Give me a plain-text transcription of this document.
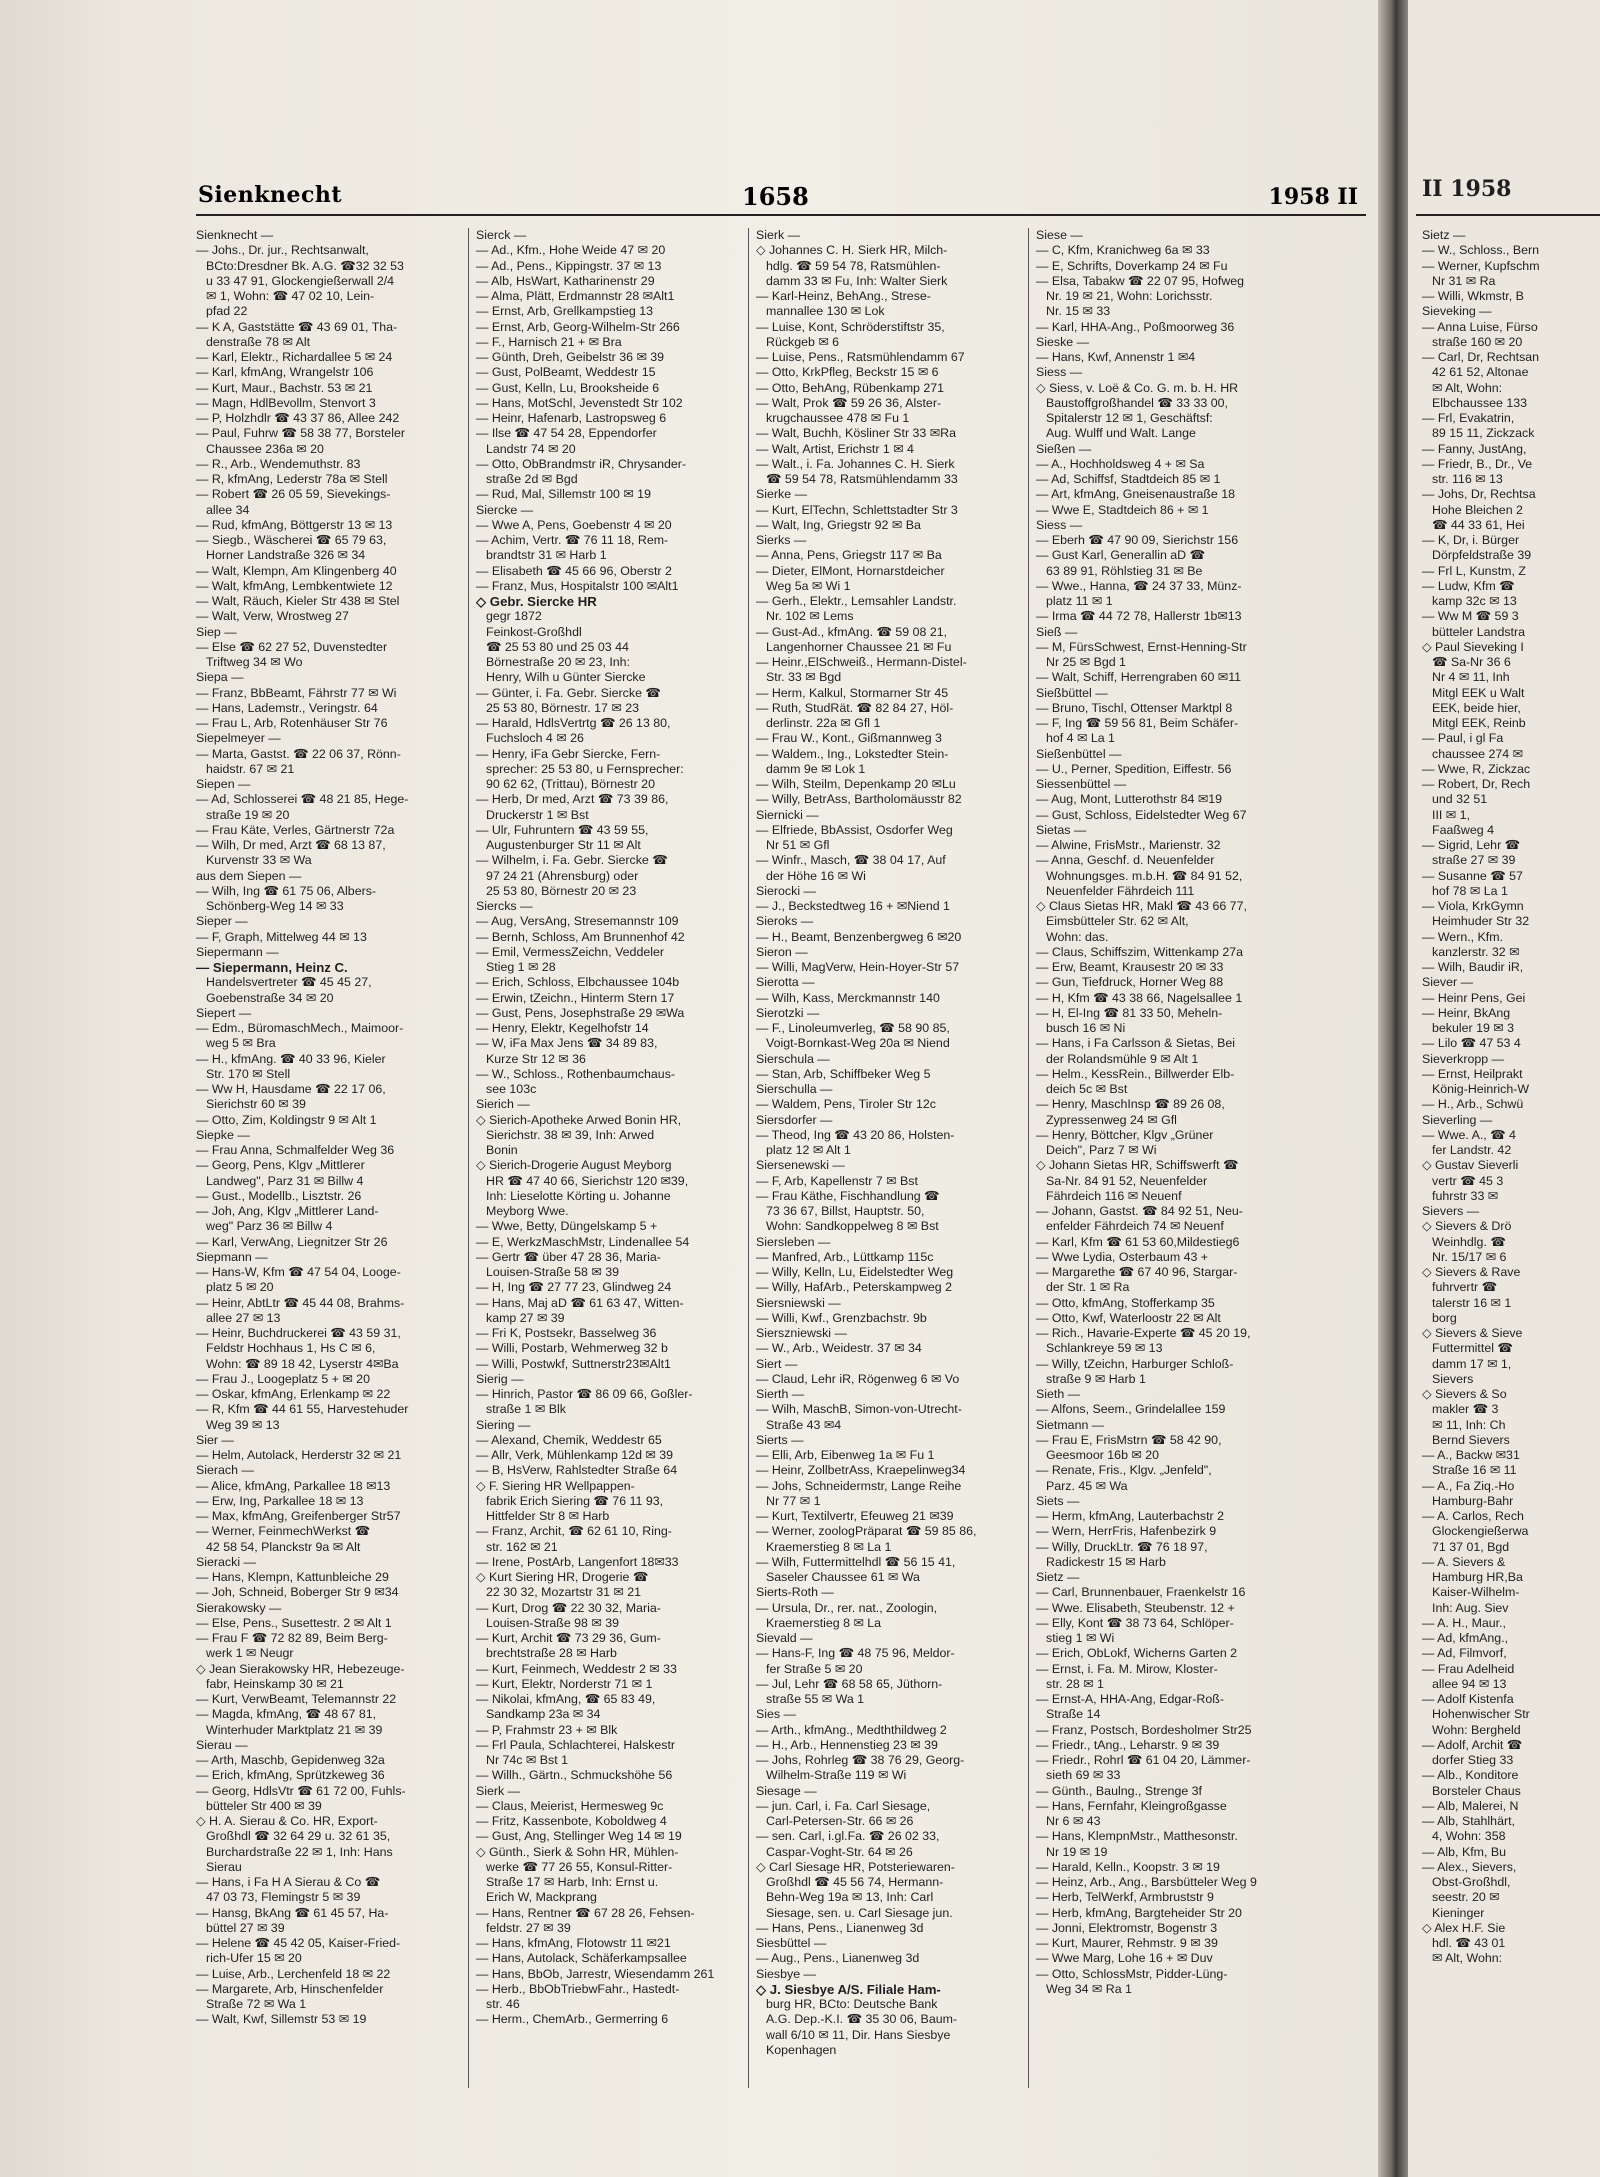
Sienknecht	1658	1958 II
Sienknecht —
— Johs., Dr. jur., Rechtsanwalt,
BCto:Dresdner Bk. A.G. ☎32 32 53
u 33 47 91, Glockengießerwall 2/4
✉ 1, Wohn: ☎ 47 02 10, Lein-
pfad 22
— K A, Gaststätte ☎ 43 69 01, Tha-
denstraße 78 ✉ Alt
— Karl, Elektr., Richardallee 5 ✉ 24
— Karl, kfmAng, Wrangelstr 106
— Kurt, Maur., Bachstr. 53 ✉ 21
— Magn, HdlBevollm, Stenvort 3
— P, Holzhdlr ☎ 43 37 86, Allee 242
— Paul, Fuhrw ☎ 58 38 77, Borsteler
Chaussee 236a ✉ 20
— R., Arb., Wendemuthstr. 83
— R, kfmAng, Lederstr 78a ✉ Stell
— Robert ☎ 26 05 59, Sievekings-
allee 34
— Rud, kfmAng, Böttgerstr 13 ✉ 13
— Siegb., Wäscherei ☎ 65 79 63,
Horner Landstraße 326 ✉ 34
— Walt, Klempn, Am Klingenberg 40
— Walt, kfmAng, Lembkentwiete 12
— Walt, Räuch, Kieler Str 438 ✉ Stel
— Walt, Verw, Wrostweg 27
Siep —
— Else ☎ 62 27 52, Duvenstedter
Triftweg 34 ✉ Wo
Siepa —
— Franz, BbBeamt, Fährstr 77 ✉ Wi
— Hans, Lademstr., Veringstr. 64
— Frau L, Arb, Rotenhäuser Str 76
Siepelmeyer —
— Marta, Gastst. ☎ 22 06 37, Rönn-
haidstr. 67 ✉ 21
Siepen —
— Ad, Schlosserei ☎ 48 21 85, Hege-
straße 19 ✉ 20
— Frau Käte, Verles, Gärtnerstr 72a
— Wilh, Dr med, Arzt ☎ 68 13 87,
Kurvenstr 33 ✉ Wa
aus dem Siepen —
— Wilh, Ing ☎ 61 75 06, Albers-
Schönberg-Weg 14 ✉ 33
Sieper —
— F, Graph, Mittelweg 44 ✉ 13
Siepermann —
— Siepermann, Heinz C.
Handelsvertreter ☎ 45 45 27,
Goebenstraße 34 ✉ 20
Siepert —
— Edm., BüromaschMech., Maimoor-
weg 5 ✉ Bra
— H., kfmAng. ☎ 40 33 96, Kieler
Str. 170 ✉ Stell
— Ww H, Hausdame ☎ 22 17 06,
Sierichstr 60 ✉ 39
— Otto, Zim, Koldingstr 9 ✉ Alt 1
Siepke —
— Frau Anna, Schmalfelder Weg 36
— Georg, Pens, Klgv „Mittlerer
Landweg", Parz 31 ✉ Billw 4
— Gust., Modellb., Lisztstr. 26
— Joh, Ang, Klgv „Mittlerer Land-
weg" Parz 36 ✉ Billw 4
— Karl, VerwAng, Liegnitzer Str 26
Siepmann —
— Hans-W, Kfm ☎ 47 54 04, Looge-
platz 5 ✉ 20
— Heinr, AbtLtr ☎ 45 44 08, Brahms-
allee 27 ✉ 13
— Heinr, Buchdruckerei ☎ 43 59 31,
Feldstr Hochhaus 1, Hs C ✉ 6,
Wohn: ☎ 89 18 42, Lyserstr 4✉Ba
— Frau J., Loogeplatz 5 + ✉ 20
— Oskar, kfmAng, Erlenkamp ✉ 22
— R, Kfm ☎ 44 61 55, Harvestehuder
Weg 39 ✉ 13
Sier —
— Helm, Autolack, Herderstr 32 ✉ 21
Sierach —
— Alice, kfmAng, Parkallee 18 ✉13
— Erw, Ing, Parkallee 18 ✉ 13
— Max, kfmAng, Greifenberger Str57
— Werner, FeinmechWerkst ☎
42 58 54, Planckstr 9a ✉ Alt
Sieracki —
— Hans, Klempn, Kattunbleiche 29
— Joh, Schneid, Boberger Str 9 ✉34
Sierakowsky —
— Else, Pens., Susettestr. 2 ✉ Alt 1
— Frau F ☎ 72 82 89, Beim Berg-
werk 1 ✉ Neugr
◇ Jean Sierakowsky HR, Hebezeuge-
fabr, Heinskamp 30 ✉ 21
— Kurt, VerwBeamt, Telemannstr 22
— Magda, kfmAng, ☎ 48 67 81,
Winterhuder Marktplatz 21 ✉ 39
Sierau —
— Arth, Maschb, Gepidenweg 32a
— Erich, kfmAng, Sprützkeweg 36
— Georg, HdlsVtr ☎ 61 72 00, Fuhls-
bütteler Str 400 ✉ 39
◇ H. A. Sierau & Co. HR, Export-
Großhdl ☎ 32 64 29 u. 32 61 35,
Burchardstraße 22 ✉ 1, Inh: Hans
Sierau
— Hans, i Fa H A Sierau & Co ☎
47 03 73, Flemingstr 5 ✉ 39
— Hansg, BkAng ☎ 61 45 57, Ha-
büttel 27 ✉ 39
— Helene ☎ 45 42 05, Kaiser-Fried-
rich-Ufer 15 ✉ 20
— Luise, Arb., Lerchenfeld 18 ✉ 22
— Margarete, Arb, Hinschenfelder
Straße 72 ✉ Wa 1
— Walt, Kwf, Sillemstr 53 ✉ 19
Sierck —
— Ad., Kfm., Hohe Weide 47 ✉ 20
— Ad., Pens., Kippingstr. 37 ✉ 13
— Alb, HsWart, Katharinenstr 29
— Alma, Plätt, Erdmannstr 28 ✉Alt1
— Ernst, Arb, Grellkampstieg 13
— Ernst, Arb, Georg-Wilhelm-Str 266
— F., Harnisch 21 + ✉ Bra
— Günth, Dreh, Geibelstr 36 ✉ 39
— Gust, PolBeamt, Weddestr 15
— Gust, Kelln, Lu, Brooksheide 6
— Hans, MotSchl, Jevenstedt Str 102
— Heinr, Hafenarb, Lastropsweg 6
— Ilse ☎ 47 54 28, Eppendorfer
Landstr 74 ✉ 20
— Otto, ObBrandmstr iR, Chrysander-
straße 2d ✉ Bgd
— Rud, Mal, Sillemstr 100 ✉ 19
Siercke —
— Wwe A, Pens, Goebenstr 4 ✉ 20
— Achim, Vertr. ☎ 76 11 18, Rem-
brandtstr 31 ✉ Harb 1
— Elisabeth ☎ 45 66 96, Oberstr 2
— Franz, Mus, Hospitalstr 100 ✉Alt1
◇ Gebr. Siercke HR
gegr 1872
Feinkost-Großhdl
☎ 25 53 80 und 25 03 44
Börnestraße 20 ✉ 23, Inh:
Henry, Wilh u Günter Siercke
— Günter, i. Fa. Gebr. Siercke ☎
25 53 80, Börnestr. 17 ✉ 23
— Harald, HdlsVertrtg ☎ 26 13 80,
Fuchsloch 4 ✉ 26
— Henry, iFa Gebr Siercke, Fern-
sprecher: 25 53 80, u Fernsprecher:
90 62 62, (Trittau), Börnestr 20
— Herb, Dr med, Arzt ☎ 73 39 86,
Druckerstr 1 ✉ Bst
— Ulr, Fuhruntern ☎ 43 59 55,
Augustenburger Str 11 ✉ Alt
— Wilhelm, i. Fa. Gebr. Siercke ☎
97 24 21 (Ahrensburg) oder
25 53 80, Börnestr 20 ✉ 23
Siercks —
— Aug, VersAng, Stresemannstr 109
— Bernh, Schloss, Am Brunnenhof 42
— Emil, VermessZeichn, Veddeler
Stieg 1 ✉ 28
— Erich, Schloss, Elbchaussee 104b
— Erwin, tZeichn., Hinterm Stern 17
— Gust, Pens, Josephstraße 29 ✉Wa
— Henry, Elektr, Kegelhofstr 14
— W, iFa Max Jens ☎ 34 89 83,
Kurze Str 12 ✉ 36
— W., Schloss., Rothenbaumchaus-
see 103c
Sierich —
◇ Sierich-Apotheke Arwed Bonin HR,
Sierichstr. 38 ✉ 39, Inh: Arwed
Bonin
◇ Sierich-Drogerie August Meyborg
HR ☎ 47 40 66, Sierichstr 120 ✉39,
Inh: Lieselotte Körting u. Johanne
Meyborg Wwe.
— Wwe, Betty, Düngelskamp 5 +
— E, WerkzMaschMstr, Lindenallee 54
— Gertr ☎ über 47 28 36, Maria-
Louisen-Straße 58 ✉ 39
— H, Ing ☎ 27 77 23, Glindweg 24
— Hans, Maj aD ☎ 61 63 47, Witten-
kamp 27 ✉ 39
— Fri K, Postsekr, Basselweg 36
— Willi, Postarb, Wehmerweg 32 b
— Willi, Postwkf, Suttnerstr23✉Alt1
Sierig —
— Hinrich, Pastor ☎ 86 09 66, Goßler-
straße 1 ✉ Blk
Siering —
— Alexand, Chemik, Weddestr 65
— Allr, Verk, Mühlenkamp 12d ✉ 39
— B, HsVerw, Rahlstedter Straße 64
◇ F. Siering HR Wellpappen-
fabrik Erich Siering ☎ 76 11 93,
Hittfelder Str 8 ✉ Harb
— Franz, Archit, ☎ 62 61 10, Ring-
str. 162 ✉ 21
— Irene, PostArb, Langenfort 18✉33
◇ Kurt Siering HR, Drogerie ☎
22 30 32, Mozartstr 31 ✉ 21
— Kurt, Drog ☎ 22 30 32, Maria-
Louisen-Straße 98 ✉ 39
— Kurt, Archit ☎ 73 29 36, Gum-
brechtstraße 28 ✉ Harb
— Kurt, Feinmech, Weddestr 2 ✉ 33
— Kurt, Elektr, Norderstr 71 ✉ 1
— Nikolai, kfmAng, ☎ 65 83 49,
Sandkamp 23a ✉ 34
— P, Frahmstr 23 + ✉ Blk
— Frl Paula, Schlachterei, Halskestr
Nr 74c ✉ Bst 1
— Willh., Gärtn., Schmuckshöhe 56
Sierk —
— Claus, Meierist, Hermesweg 9c
— Fritz, Kassenbote, Koboldweg 4
— Gust, Ang, Stellinger Weg 14 ✉ 19
◇ Günth., Sierk & Sohn HR, Mühlen-
werke ☎ 77 26 55, Konsul-Ritter-
Straße 17 ✉ Harb, Inh: Ernst u.
Erich W, Mackprang
— Hans, Rentner ☎ 67 28 26, Fehsen-
feldstr. 27 ✉ 39
— Hans, kfmAng, Flotowstr 11 ✉21
— Hans, Autolack, Schäferkampsallee
— Hans, BbOb, Jarrestr, Wiesendamm 261
— Herb., BbObTriebwFahr., Hastedt-
str. 46
— Herm., ChemArb., Germerring 6
Sierk —
◇ Johannes C. H. Sierk HR, Milch-
hdlg. ☎ 59 54 78, Ratsmühlen-
damm 33 ✉ Fu, Inh: Walter Sierk
— Karl-Heinz, BehAng., Strese-
mannallee 130 ✉ Lok
— Luise, Kont, Schröderstiftstr 35,
Rückgeb ✉ 6
— Luise, Pens., Ratsmühlendamm 67
— Otto, KrkPfleg, Beckstr 15 ✉ 6
— Otto, BehAng, Rübenkamp 271
— Walt, Prok ☎ 59 26 36, Alster-
krugchaussee 478 ✉ Fu 1
— Walt, Buchh, Kösliner Str 33 ✉Ra
— Walt, Artist, Erichstr 1 ✉ 4
— Walt., i. Fa. Johannes C. H. Sierk
☎ 59 54 78, Ratsmühlendamm 33
Sierke —
— Kurt, ElTechn, Schlettstadter Str 3
— Walt, Ing, Griegstr 92 ✉ Ba
Sierks —
— Anna, Pens, Griegstr 117 ✉ Ba
— Dieter, ElMont, Hornarstdeicher
Weg 5a ✉ Wi 1
— Gerh., Elektr., Lemsahler Landstr.
Nr. 102 ✉ Lems
— Gust-Ad., kfmAng. ☎ 59 08 21,
Langenhorner Chaussee 21 ✉ Fu
— Heinr.,ElSchweiß., Hermann-Distel-
Str. 33 ✉ Bgd
— Herm, Kalkul, Stormarner Str 45
— Ruth, StudRät. ☎ 82 84 27, Höl-
derlinstr. 22a ✉ Gfl 1
— Frau W., Kont., Gißmannweg 3
— Waldem., Ing., Lokstedter Stein-
damm 9e ✉ Lok 1
— Wilh, Steilm, Depenkamp 20 ✉Lu
— Willy, BetrAss, Bartholomäusstr 82
Siernicki —
— Elfriede, BbAssist, Osdorfer Weg
Nr 51 ✉ Gfl
— Winfr., Masch, ☎ 38 04 17, Auf
der Höhe 16 ✉ Wi
Sierocki —
— J., Beckstedtweg 16 + ✉Niend 1
Sieroks —
— H., Beamt, Benzenbergweg 6 ✉20
Sieron —
— Willi, MagVerw, Hein-Hoyer-Str 57
Sierotta —
— Wilh, Kass, Merckmannstr 140
Sierotzki —
— F., Linoleumverleg, ☎ 58 90 85,
Voigt-Bornkast-Weg 20a ✉ Niend
Sierschula —
— Stan, Arb, Schiffbeker Weg 5
Sierschulla —
— Waldem, Pens, Tiroler Str 12c
Siersdorfer —
— Theod, Ing ☎ 43 20 86, Holsten-
platz 12 ✉ Alt 1
Siersenewski —
— F, Arb, Kapellenstr 7 ✉ Bst
— Frau Käthe, Fischhandlung ☎
73 36 67, Billst, Hauptstr. 50,
Wohn: Sandkoppelweg 8 ✉ Bst
Siersleben —
— Manfred, Arb., Lüttkamp 115c
— Willy, Kelln, Lu, Eidelstedter Weg
— Willy, HafArb., Peterskampweg 2
Siersniewski —
— Willi, Kwf., Grenzbachstr. 9b
Sierszniewski —
— W., Arb., Weidestr. 37 ✉ 34
Siert —
— Claud, Lehr iR, Rögenweg 6 ✉ Vo
Sierth —
— Wilh, MaschB, Simon-von-Utrecht-
Straße 43 ✉4
Sierts —
— Elli, Arb, Eibenweg 1a ✉ Fu 1
— Heinr, ZollbetrAss, Kraepelinweg34
— Johs, Schneidermstr, Lange Reihe
Nr 77 ✉ 1
— Kurt, Textilvertr, Efeuweg 21 ✉39
— Werner, zoologPräparat ☎ 59 85 86,
Kraemerstieg 8 ✉ La 1
— Wilh, Futtermittelhdl ☎ 56 15 41,
Saseler Chaussee 61 ✉ Wa
Sierts-Roth —
— Ursula, Dr., rer. nat., Zoologin,
Kraemerstieg 8 ✉ La
Sievald —
— Hans-F, Ing ☎ 48 75 96, Meldor-
fer Straße 5 ✉ 20
— Jul, Lehr ☎ 68 58 65, Jüthorn-
straße 55 ✉ Wa 1
Sies —
— Arth., kfmAng., Medththildweg 2
— H., Arb., Hennenstieg 23 ✉ 39
— Johs, Rohrleg ☎ 38 76 29, Georg-
Wilhelm-Straße 119 ✉ Wi
Siesage —
— jun. Carl, i. Fa. Carl Siesage,
Carl-Petersen-Str. 66 ✉ 26
— sen. Carl, i.gl.Fa. ☎ 26 02 33,
Caspar-Voght-Str. 64 ✉ 26
◇ Carl Siesage HR, Potsteriewaren-
Großhdl ☎ 45 56 74, Hermann-
Behn-Weg 19a ✉ 13, Inh: Carl
Siesage, sen. u. Carl Siesage jun.
— Hans, Pens., Lianenweg 3d
Siesbüttel —
— Aug., Pens., Lianenweg 3d
Siesbye —
◇ J. Siesbye A/S. Filiale Ham-
burg HR, BCto: Deutsche Bank
A.G. Dep.-K.I. ☎ 35 30 06, Baum-
wall 6/10 ✉ 11, Dir. Hans Siesbye
Kopenhagen
Siese —
— C, Kfm, Kranichweg 6a ✉ 33
— E, Schrifts, Doverkamp 24 ✉ Fu
— Elsa, Tabakw ☎ 22 07 95, Hofweg
Nr. 19 ✉ 21, Wohn: Lorichsstr.
Nr. 15 ✉ 33
— Karl, HHA-Ang., Poßmoorweg 36
Sieske —
— Hans, Kwf, Annenstr 1 ✉4
Siess —
◇ Siess, v. Loë & Co. G. m. b. H. HR
Baustoffgroßhandel ☎ 33 33 00,
Spitalerstr 12 ✉ 1, Geschäftsf:
Aug. Wulff und Walt. Lange
Sießen —
— A., Hochholdsweg 4 + ✉ Sa
— Ad, Schiffsf, Stadtdeich 85 ✉ 1
— Art, kfmAng, Gneisenaustraße 18
— Wwe E, Stadtdeich 86 + ✉ 1
Siess —
— Eberh ☎ 47 90 09, Sierichstr 156
— Gust Karl, Generallin aD ☎
63 89 91, Röhlstieg 31 ✉ Be
— Wwe., Hanna, ☎ 24 37 33, Münz-
platz 11 ✉ 1
— Irma ☎ 44 72 78, Hallerstr 1b✉13
Sieß —
— M, FürsSchwest, Ernst-Henning-Str
Nr 25 ✉ Bgd 1
— Walt, Schiff, Herrengraben 60 ✉11
Sießbüttel —
— Bruno, Tischl, Ottenser Marktpl 8
— F, Ing ☎ 59 56 81, Beim Schäfer-
hof 4 ✉ La 1
Sießenbüttel —
— U., Perner, Spedition, Eiffestr. 56
Siessenbüttel —
— Aug, Mont, Lutterothstr 84 ✉19
— Gust, Schloss, Eidelstedter Weg 67
Sietas —
— Alwine, FrisMstr., Marienstr. 32
— Anna, Geschf. d. Neuenfelder
Wohnungsges. m.b.H. ☎ 84 91 52,
Neuenfelder Fährdeich 111
◇ Claus Sietas HR, Makl ☎ 43 66 77,
Eimsbütteler Str. 62 ✉ Alt,
Wohn: das.
— Claus, Schiffszim, Wittenkamp 27a
— Erw, Beamt, Krausestr 20 ✉ 33
— Gun, Tiefdruck, Horner Weg 88
— H, Kfm ☎ 43 38 66, Nagelsallee 1
— H, El-Ing ☎ 81 33 50, Meheln-
busch 16 ✉ Ni
— Hans, i Fa Carlsson & Sietas, Bei
der Rolandsmühle 9 ✉ Alt 1
— Helm., KessRein., Billwerder Elb-
deich 5c ✉ Bst
— Henry, MaschInsp ☎ 89 26 08,
Zypressenweg 24 ✉ Gfl
— Henry, Böttcher, Klgv „Grüner
Deich", Parz 7 ✉ Wi
◇ Johann Sietas HR, Schiffswerft ☎
Sa-Nr. 84 91 52, Neuenfelder
Fährdeich 116 ✉ Neuenf
— Johann, Gastst. ☎ 84 92 51, Neu-
enfelder Fährdeich 74 ✉ Neuenf
— Karl, Kfm ☎ 61 53 60,Mildestieg6
— Wwe Lydia, Osterbaum 43 +
— Margarethe ☎ 67 40 96, Stargar-
der Str. 1 ✉ Ra
— Otto, kfmAng, Stofferkamp 35
— Otto, Kwf, Waterloostr 22 ✉ Alt
— Rich., Havarie-Experte ☎ 45 20 19,
Schlankreye 59 ✉ 13
— Willy, tZeichn, Harburger Schloß-
straße 9 ✉ Harb 1
Sieth —
— Alfons, Seem., Grindelallee 159
Sietmann —
— Frau E, FrisMstrn ☎ 58 42 90,
Geesmoor 16b ✉ 20
— Renate, Fris., Klgv. „Jenfeld",
Parz. 45 ✉ Wa
Siets —
— Herm, kfmAng, Lauterbachstr 2
— Wern, HerrFris, Hafenbezirk 9
— Willy, DruckLtr. ☎ 76 18 97,
Radickestr 15 ✉ Harb
Sietz —
— Carl, Brunnenbauer, Fraenkelstr 16
— Wwe. Elisabeth, Steubenstr. 12 +
— Elly, Kont ☎ 38 73 64, Schlöper-
stieg 1 ✉ Wi
— Erich, ObLokf, Wicherns Garten 2
— Ernst, i. Fa. M. Mirow, Kloster-
str. 28 ✉ 1
— Ernst-A, HHA-Ang, Edgar-Roß-
Straße 14
— Franz, Postsch, Bordesholmer Str25
— Friedr., tAng., Leharstr. 9 ✉ 39
— Friedr., Rohrl ☎ 61 04 20, Lämmer-
sieth 69 ✉ 33
— Günth., Baulng., Strenge 3f
— Hans, Fernfahr, Kleingroßgasse
Nr 6 ✉ 43
— Hans, KlempnMstr., Matthesonstr.
Nr 19 ✉ 19
— Harald, Kelln., Koopstr. 3 ✉ 19
— Heinz, Arb., Ang., Barsbütteler Weg 9
— Herb, TelWerkf, Armbruststr 9
— Herb, kfmAng, Bargteheider Str 20
— Jonni, Elektromstr, Bogenstr 3
— Kurt, Maurer, Rehmstr. 9 ✉ 39
— Wwe Marg, Lohe 16 + ✉ Duv
— Otto, SchlossMstr, Pidder-Lüng-
Weg 34 ✉ Ra 1
II 1958
Sietz —
— W., Schloss., Bern
— Werner, Kupfschm
Nr 31 ✉ Ra
— Willi, Wkmstr, B
Sieveking —
— Anna Luise, Fürso
straße 160 ✉ 20
— Carl, Dr, Rechtsan
42 61 52, Altonae
✉ Alt, Wohn:
Elbchaussee 133
— Frl, Evakatrin,
89 15 11, Zickzack
— Fanny, JustAng,
— Friedr, B., Dr., Ve
str. 116 ✉ 13
— Johs, Dr, Rechtsa
Hohe Bleichen 2
☎ 44 33 61, Hei
— K, Dr, i. Bürger
Dörpfeldstraße 39
— Frl L, Kunstm, Z
— Ludw, Kfm ☎
kamp 32c ✉ 13
— Ww M ☎ 59 3
bütteler Landstra
◇ Paul Sieveking I
☎ Sa-Nr 36 6
Nr 4 ✉ 11, Inh
Mitgl EEK u Walt
EEK, beide hier,
Mitgl EEK, Reinb
— Paul, i gl Fa
chaussee 274 ✉
— Wwe, R, Zickzac
— Robert, Dr, Rech
und 32 51
III ✉ 1,
Faaßweg 4
— Sigrid, Lehr ☎
straße 27 ✉ 39
— Susanne ☎ 57
hof 78 ✉ La 1
— Viola, KrkGymn
Heimhuder Str 32
— Wern., Kfm.
kanzlerstr. 32 ✉
— Wilh, Baudir iR,
Siever —
— Heinr Pens, Gei
— Heinr, BkAng
bekuler 19 ✉ 3
— Lilo ☎ 47 53 4
Sieverkropp —
— Ernst, Heilprakt
König-Heinrich-W
— H., Arb., Schwü
Sieverling —
— Wwe. A., ☎ 4
fer Landstr. 42
◇ Gustav Sieverli
vertr ☎ 45 3
fuhrstr 33 ✉
Sievers —
◇ Sievers & Drö
Weinhdlg. ☎
Nr. 15/17 ✉ 6
◇ Sievers & Rave
fuhrvertr ☎
talerstr 16 ✉ 1
borg
◇ Sievers & Sieve
Futtermittel ☎
damm 17 ✉ 1,
Sievers
◇ Sievers & So
makler ☎ 3
✉ 11, Inh: Ch
Bernd Sievers
— A., Backw ✉31
Straße 16 ✉ 11
— A., Fa Ziq.-Ho
Hamburg-Bahr
— A. Carlos, Rech
Glockengießerwa
71 37 01, Bgd
— A. Sievers &
Hamburg HR,Ba
Kaiser-Wilhelm-
Inh: Aug. Siev
— A. H., Maur.,
— Ad, kfmAng.,
— Ad, Filmvorf,
— Frau Adelheid
allee 94 ✉ 13
— Adolf Kistenfa
Hohenwischer Str
Wohn: Bergheld
— Adolf, Archit ☎
dorfer Stieg 33
— Alb., Konditore
Borsteler Chaus
— Alb, Malerei, N
— Alb, Stahlhärt,
4, Wohn: 358
— Alb, Kfm, Bu
— Alex., Sievers,
Obst-Großhdl,
seestr. 20 ✉
Kieninger
◇ Alex H.F. Sie
hdl. ☎ 43 01
✉ Alt, Wohn:
